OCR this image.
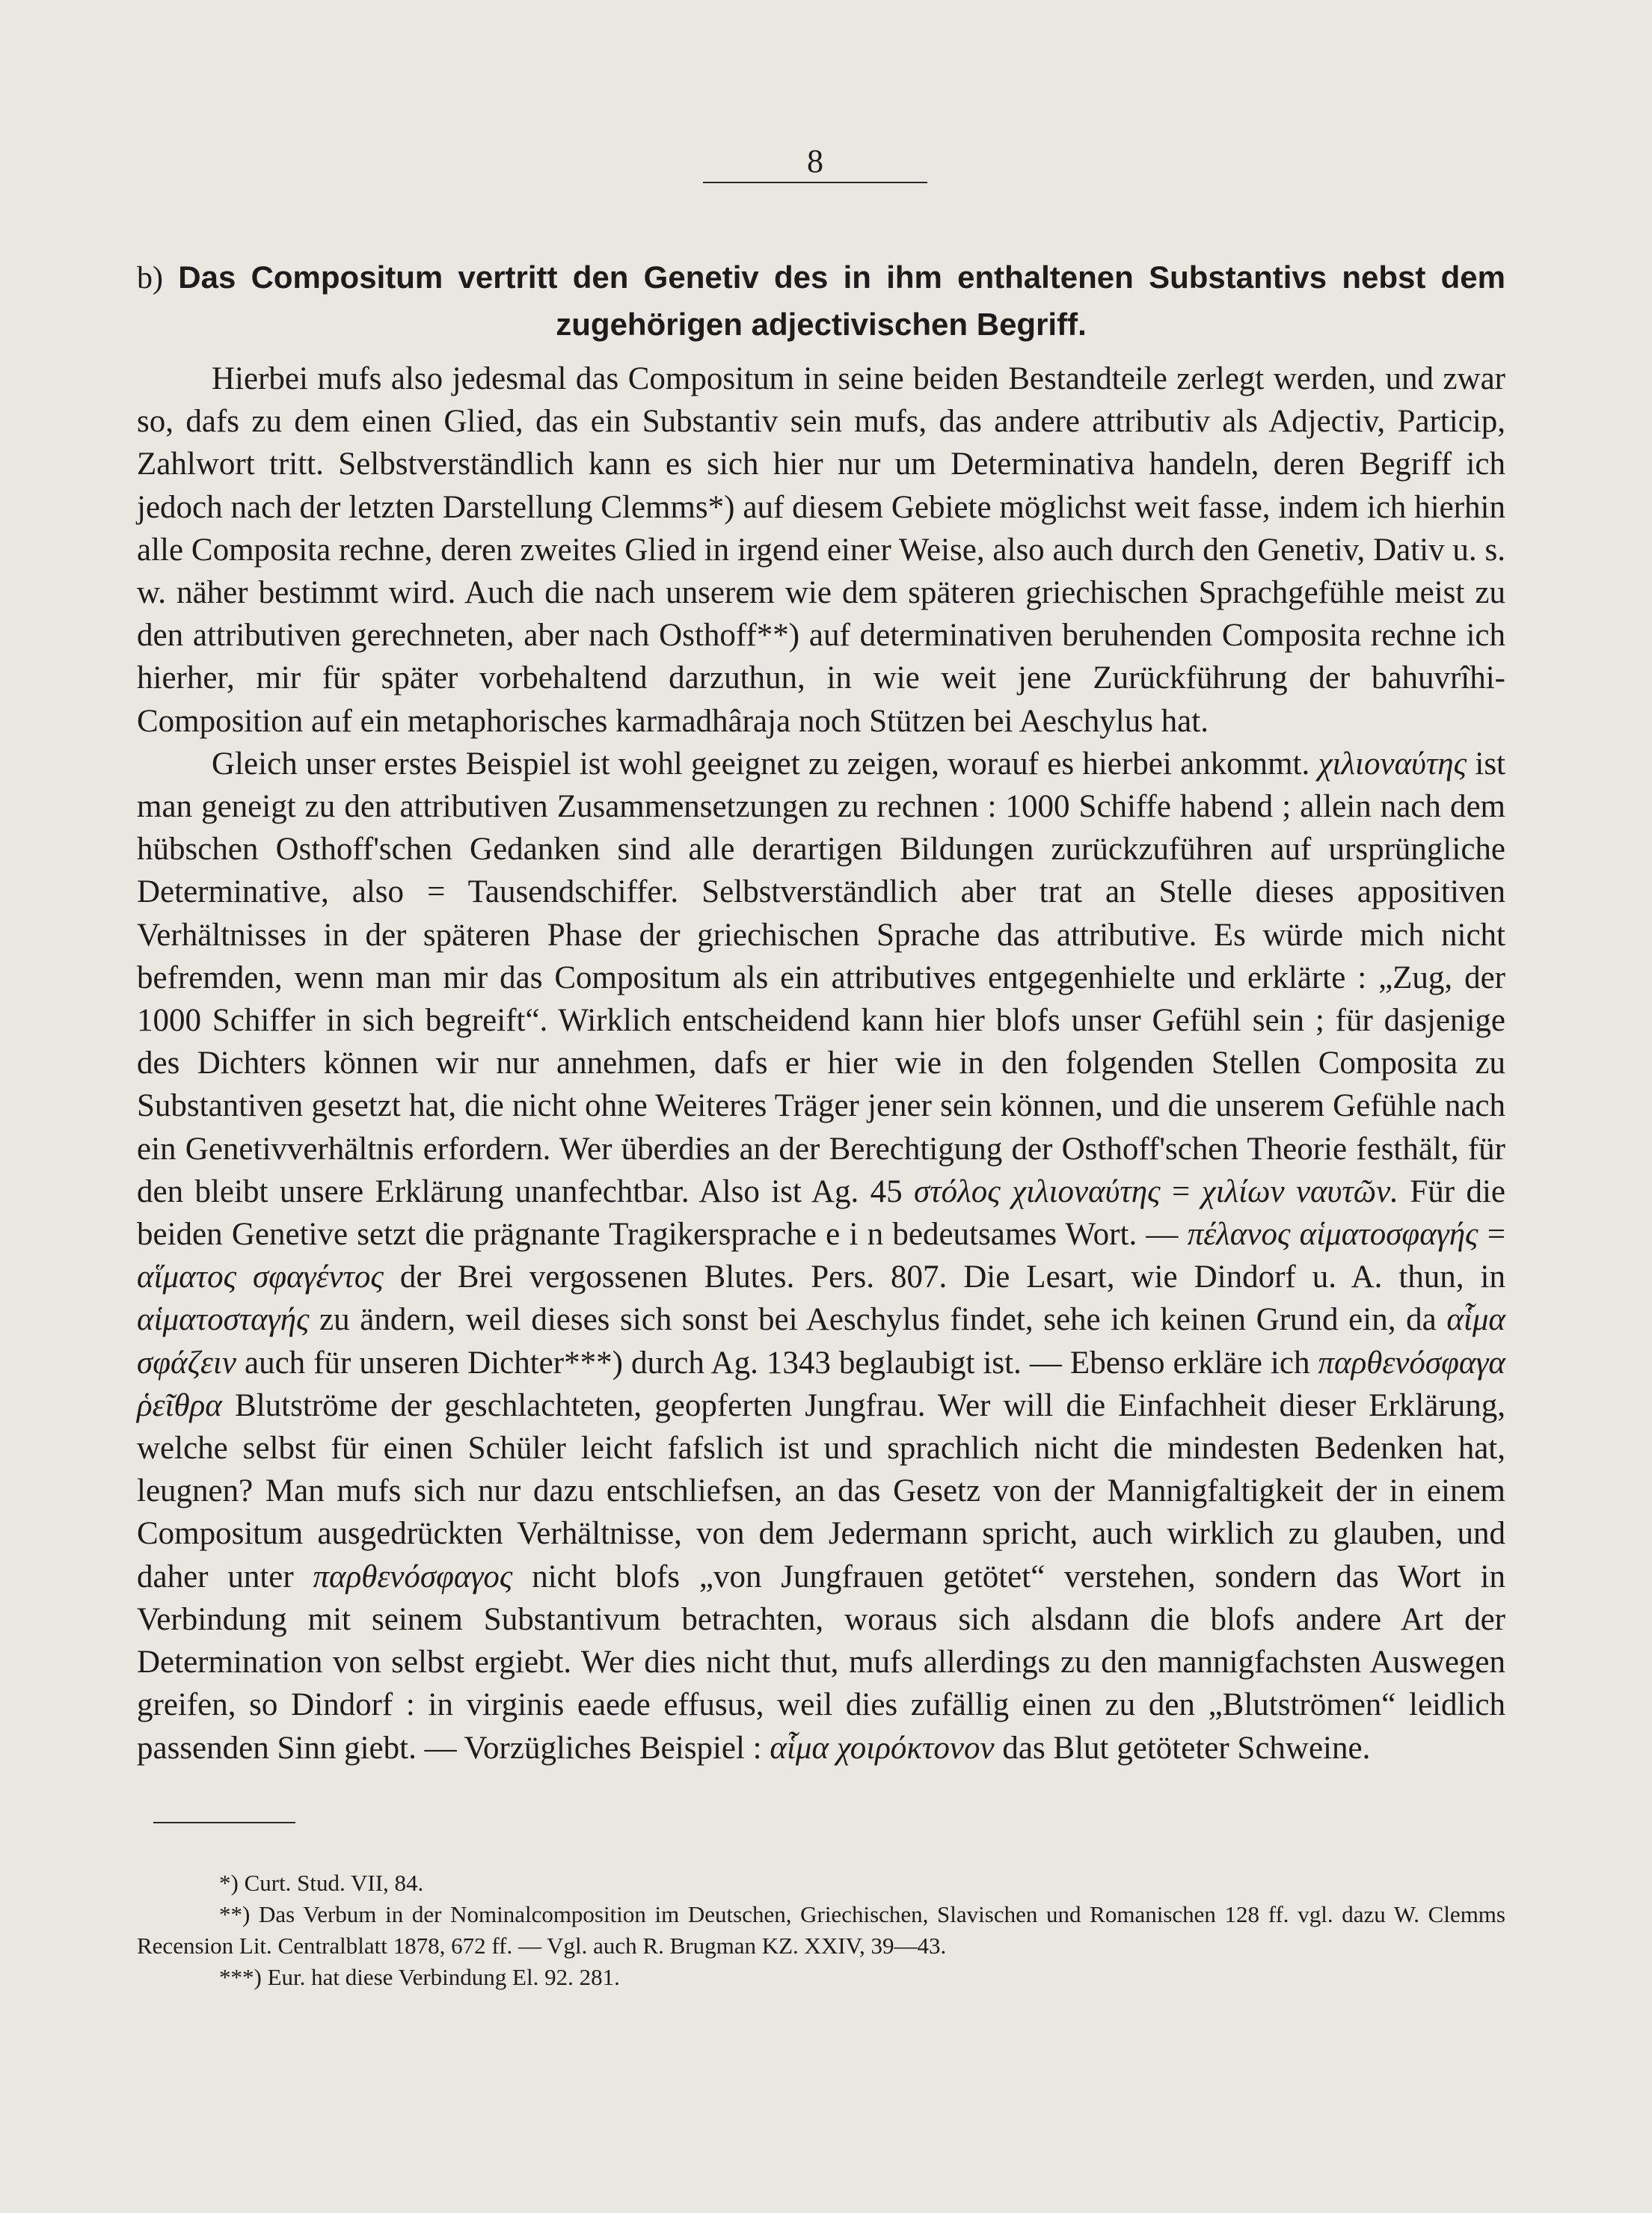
8
b) Das Compositum vertritt den Genetiv des in ihm enthaltenen Substantivs nebst dem zugehörigen adjectivischen Begriff.

Hierbei mufs also jedesmal das Compositum in seine beiden Bestandteile zerlegt werden, und zwar so, dafs zu dem einen Glied, das ein Substantiv sein mufs, das andere attributiv als Adjectiv, Particip, Zahlwort tritt. Selbstverständlich kann es sich hier nur um Determinativa handeln, deren Begriff ich jedoch nach der letzten Darstellung Clemms*) auf diesem Gebiete möglichst weit fasse, indem ich hierhin alle Composita rechne, deren zweites Glied in irgend einer Weise, also auch durch den Genetiv, Dativ u. s. w. näher bestimmt wird. Auch die nach unserem wie dem späteren griechischen Sprachgefühle meist zu den attributiven gerechneten, aber nach Osthoff**) auf determinativen beruhenden Composita rechne ich hierher, mir für später vorbehaltend darzuthun, in wie weit jene Zurückführung der bahuvrîhi-Composition auf ein metaphorisches karmadhâraja noch Stützen bei Aeschylus hat.

Gleich unser erstes Beispiel ist wohl geeignet zu zeigen, worauf es hierbei ankommt. χιλιοναύτης ist man geneigt zu den attributiven Zusammensetzungen zu rechnen : 1000 Schiffe habend ; allein nach dem hübschen Osthoff'schen Gedanken sind alle derartigen Bildungen zurückzuführen auf ursprüngliche Determinative, also = Tausendschiffer. Selbstverständlich aber trat an Stelle dieses appositiven Verhältnisses in der späteren Phase der griechischen Sprache das attributive. Es würde mich nicht befremden, wenn man mir das Compositum als ein attributives entgegenhielte und erklärte : „Zug, der 1000 Schiffer in sich begreift“. Wirklich entscheidend kann hier blofs unser Gefühl sein ; für dasjenige des Dichters können wir nur annehmen, dafs er hier wie in den folgenden Stellen Composita zu Substantiven gesetzt hat, die nicht ohne Weiteres Träger jener sein können, und die unserem Gefühle nach ein Genetivverhältnis erfordern. Wer überdies an der Berechtigung der Osthoff'schen Theorie festhält, für den bleibt unsere Erklärung unanfechtbar. Also ist Ag. 45 στόλος χιλιοναύτης = χιλίων ναυτῶν. Für die beiden Genetive setzt die prägnante Tragikersprache e i n bedeutsames Wort. — πέλανος αἱματοσφαγής = αἵματος σφαγέντος der Brei vergossenen Blutes. Pers. 807. Die Lesart, wie Dindorf u. A. thun, in αἱματοσταγής zu ändern, weil dieses sich sonst bei Aeschylus findet, sehe ich keinen Grund ein, da αἷμα σφάζειν auch für unseren Dichter***) durch Ag. 1343 beglaubigt ist. — Ebenso erkläre ich παρθενόσφαγα ῥεῖθρα Blutströme der geschlachteten, geopferten Jungfrau. Wer will die Einfachheit dieser Erklärung, welche selbst für einen Schüler leicht fafslich ist und sprachlich nicht die mindesten Bedenken hat, leugnen? Man mufs sich nur dazu entschliefsen, an das Gesetz von der Mannigfaltigkeit der in einem Compositum ausgedrückten Verhältnisse, von dem Jedermann spricht, auch wirklich zu glauben, und daher unter παρθενόσφαγος nicht blofs „von Jungfrauen getötet“ verstehen, sondern das Wort in Verbindung mit seinem Substantivum betrachten, woraus sich alsdann die blofs andere Art der Determination von selbst ergiebt. Wer dies nicht thut, mufs allerdings zu den mannigfachsten Auswegen greifen, so Dindorf : in virginis eaede effusus, weil dies zufällig einen zu den „Blutströmen“ leidlich passenden Sinn giebt. — Vorzügliches Beispiel : αἷμα χοιρόκτονον das Blut getöteter Schweine.

*) Curt. Stud. VII, 84.

**) Das Verbum in der Nominalcomposition im Deutschen, Griechischen, Slavischen und Romanischen 128 ff. vgl. dazu W. Clemms Recension Lit. Centralblatt 1878, 672 ff. — Vgl. auch R. Brugman KZ. XXIV, 39—43.

***) Eur. hat diese Verbindung El. 92. 281.
